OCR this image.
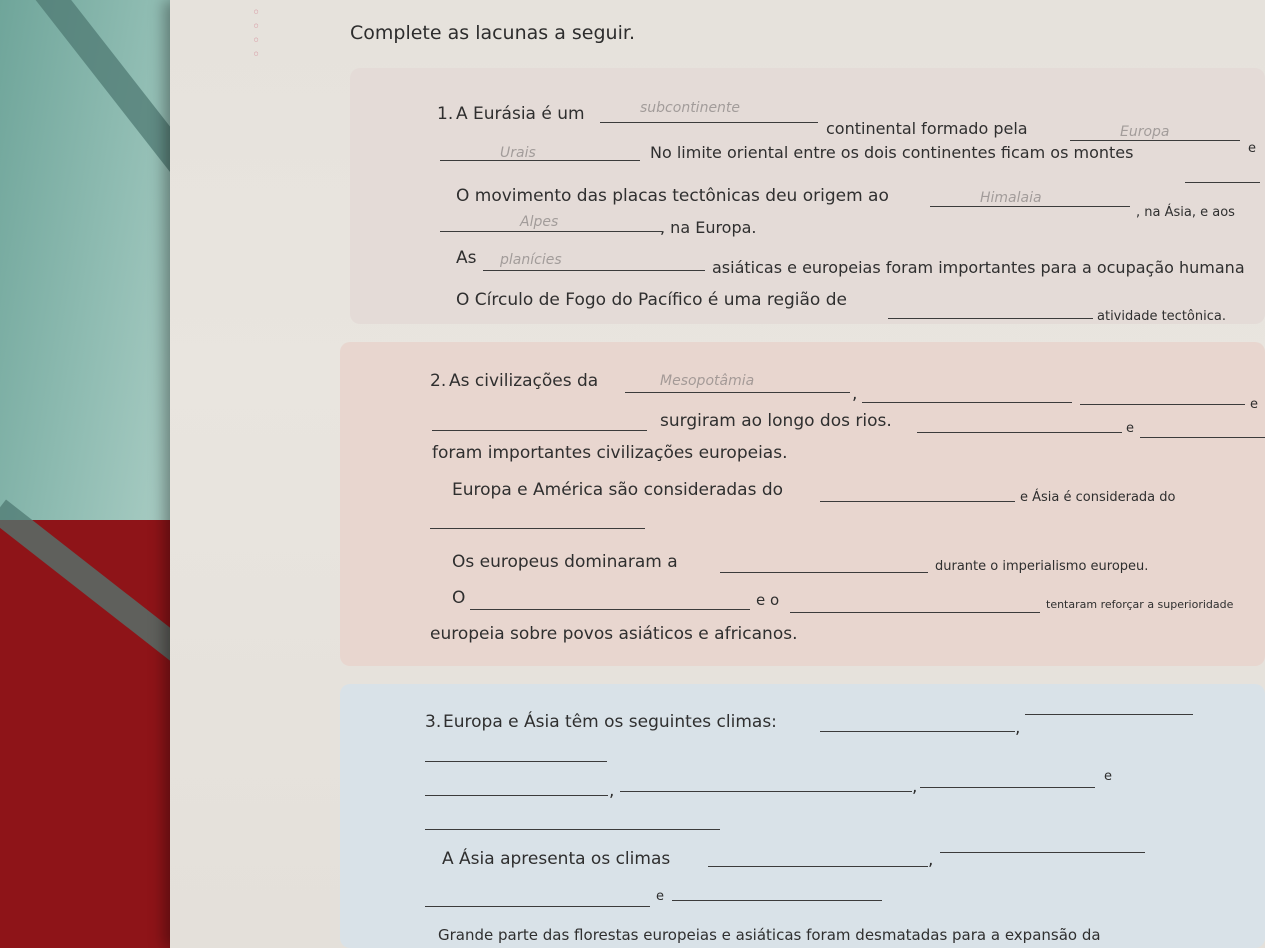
◦
◦
◦
◦
Complete as lacunas a seguir.
1. A Eurásia é um	subcontinente
continental formado pela	Europa
e
Urais	No limite oriental entre os dois continentes ficam os montes
O movimento das placas tectônicas deu origem ao	Himalaia
, na Ásia, e aos
Alpes	, na Europa.
As planícies	asiáticas e europeias foram importantes para a ocupação humana
O Círculo de Fogo do Pacífico é uma região de
atividade tectônica.
2. As civilizações da	Mesopotâmia
,
e
surgiram ao longo dos rios.	e
foram importantes civilizações europeias.
Europa e América são consideradas do	e Ásia é considerada do
Os europeus dominaram a	durante o imperialismo europeu.
O	e o	tentaram reforçar a superioridade
europeia sobre povos asiáticos e africanos.
3. Europa e Ásia têm os seguintes climas:	,
,	,
e
A Ásia apresenta os climas	,
e
Grande parte das florestas europeias e asiáticas foram desmatadas para a expansão da
